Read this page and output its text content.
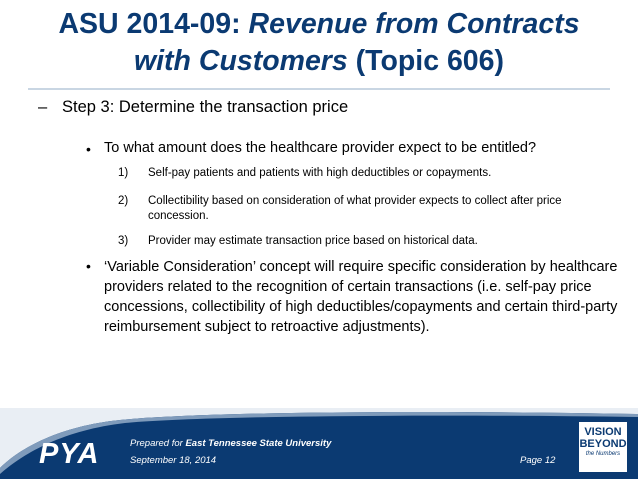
ASU 2014-09: Revenue from Contracts
with Customers (Topic 606)
– Step 3: Determine the transaction price
• To what amount does the healthcare provider expect to be entitled?
1)	Self-pay patients and patients with high deductibles or copayments.
2)	Collectibility based on consideration of what provider expects to collect after price concession.
3)	Provider may estimate transaction price based on historical data.
• ‘Variable Consideration’ concept will require specific consideration by healthcare providers related to the recognition of certain transactions (i.e. self-pay price concessions, collectibility of high deductibles/copayments and certain third-party reimbursement subject to retroactive adjustments).
PYA	Prepared for East Tennessee State University
September 18, 2014	Page 12
VISION
BEYOND
the Numbers
